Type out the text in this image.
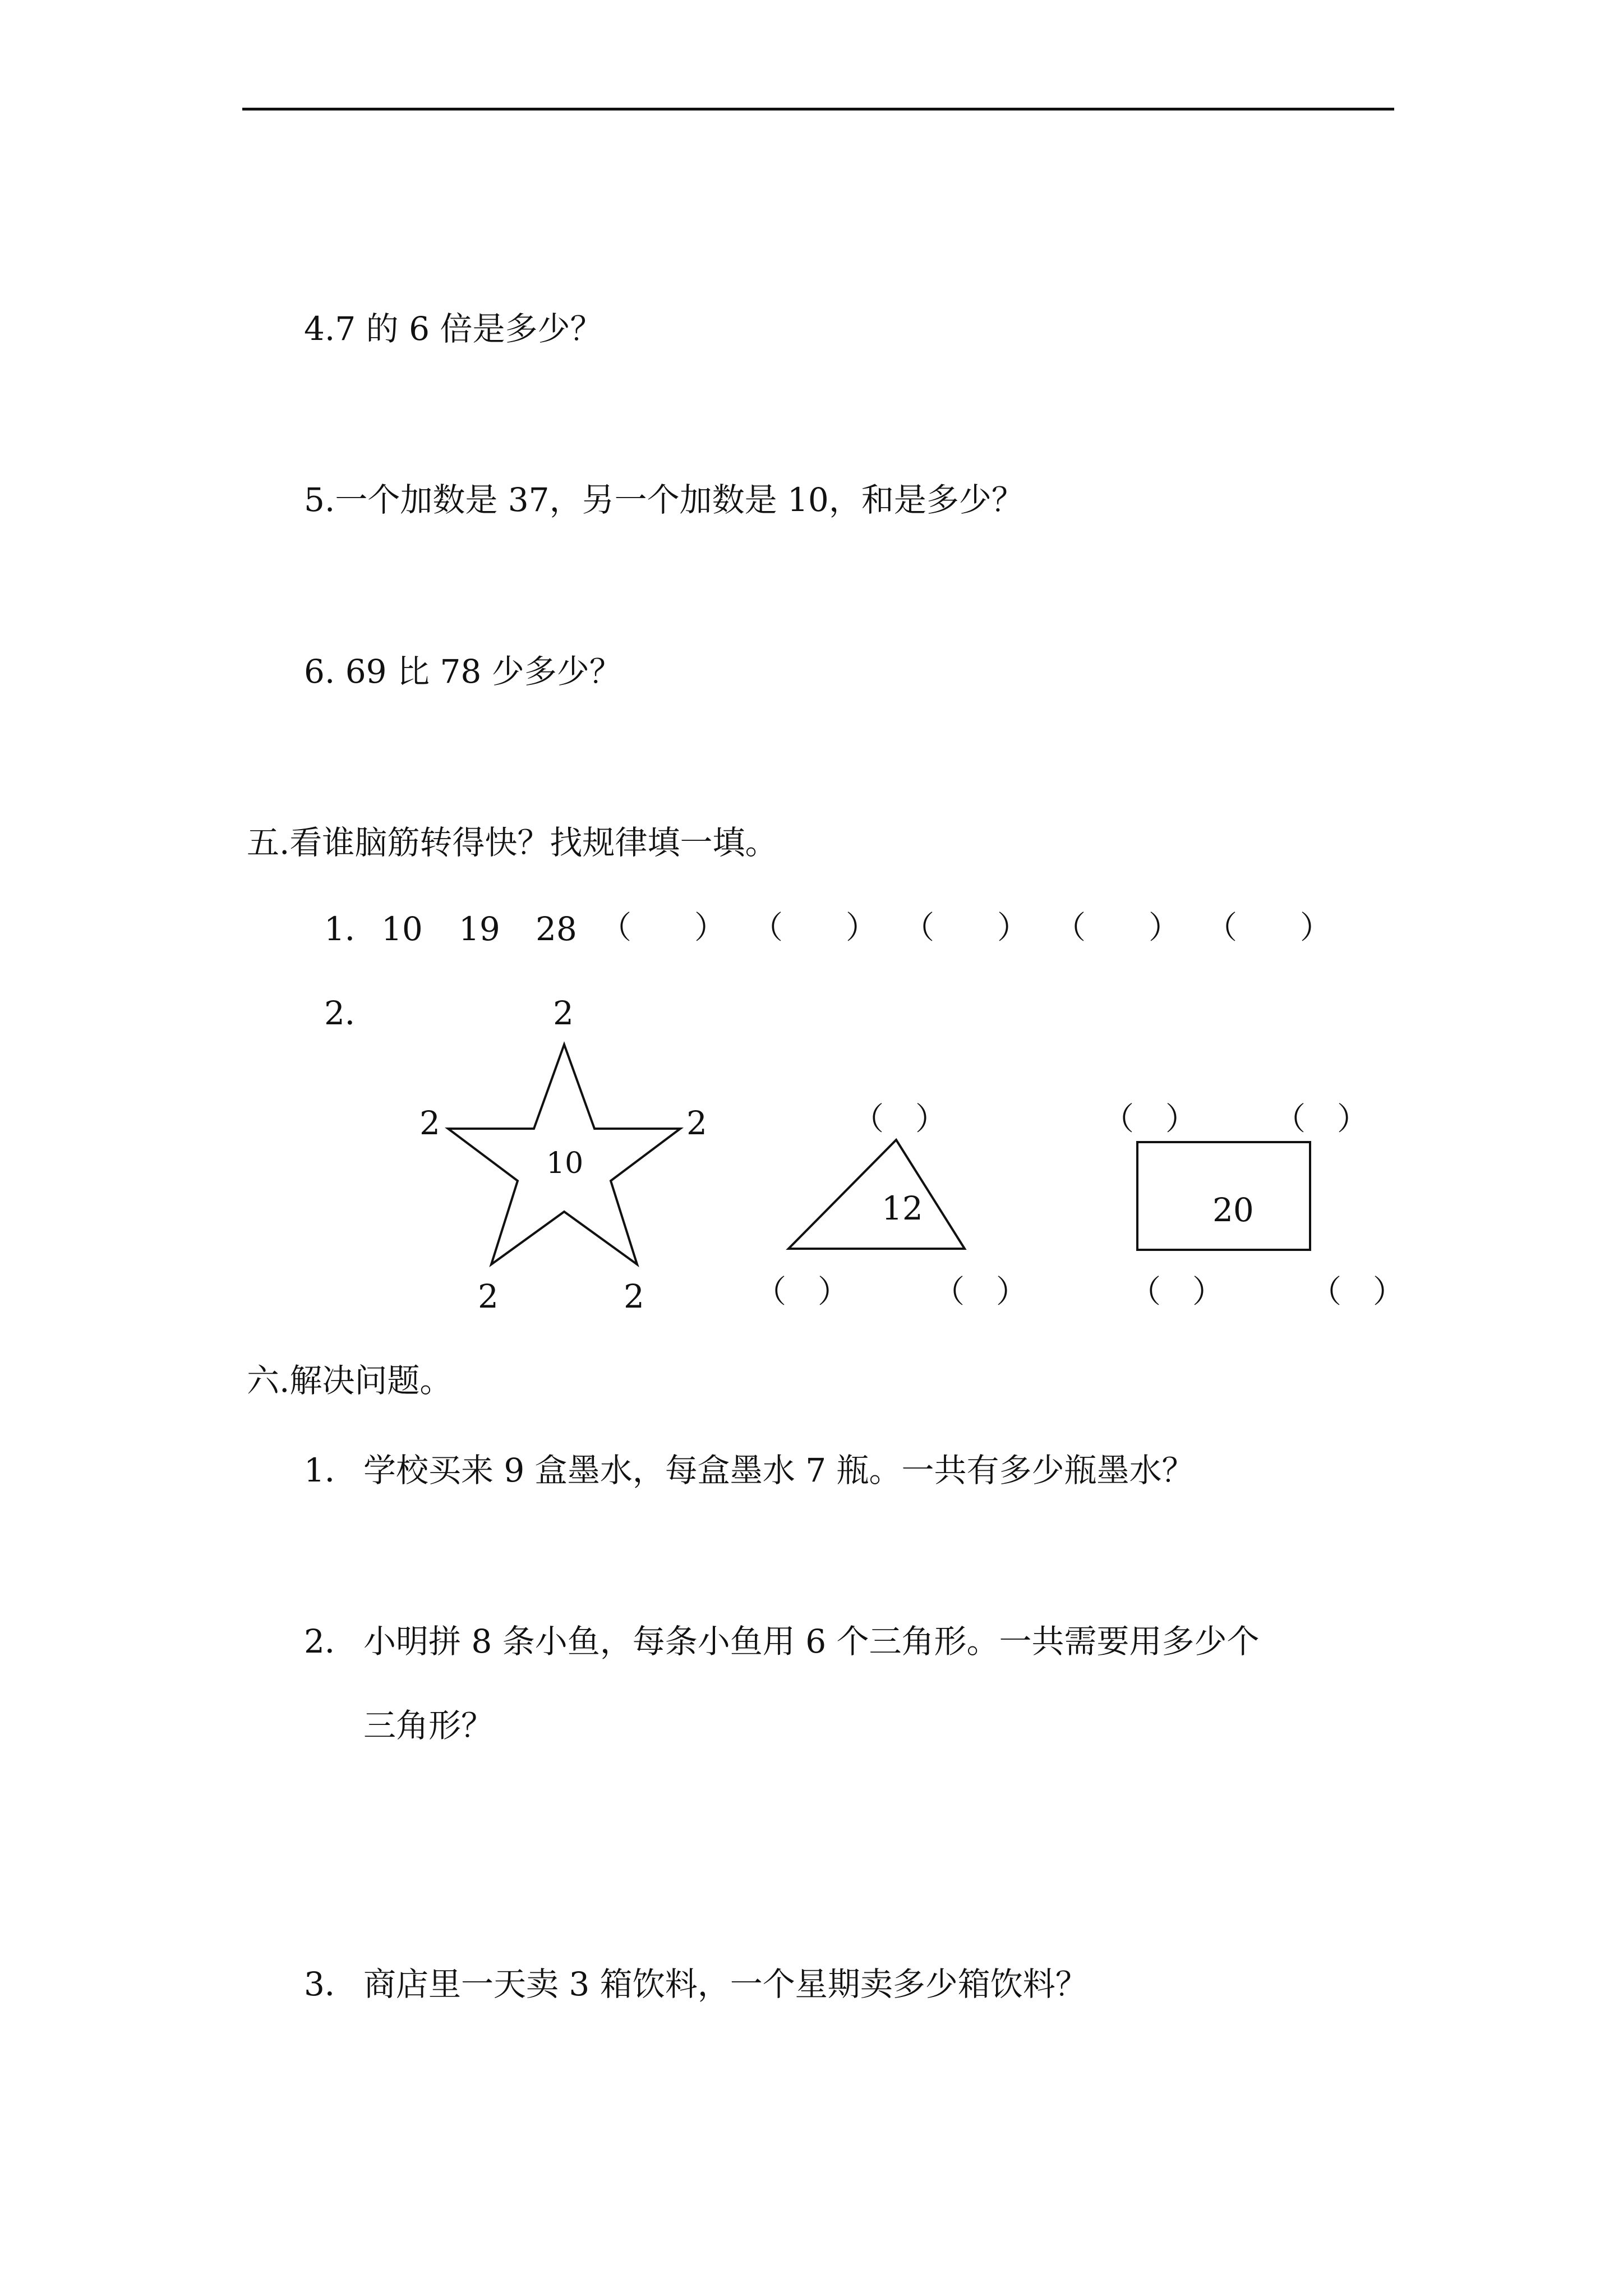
4.7 的 6 倍是多少？
5.一个加数是 37，另一个加数是 10，和是多少？
6. 69 比 78 少多少？
五.看谁脑筋转得快？找规律填一填。
1． 10 19 28 （　　） （　　） （　　） （　　） （　　）
2．	2
2	2
10
2	2
（　）
12
（　）	（　）
（　） （　）
20
（　）	（　）
六.解决问题。
1． 学校买来 9 盒墨水，每盒墨水 7 瓶。一共有多少瓶墨水？
2． 小明拼 8 条小鱼，每条小鱼用 6 个三角形。一共需要用多少个
三角形？
3． 商店里一天卖 3 箱饮料，一个星期卖多少箱饮料？
